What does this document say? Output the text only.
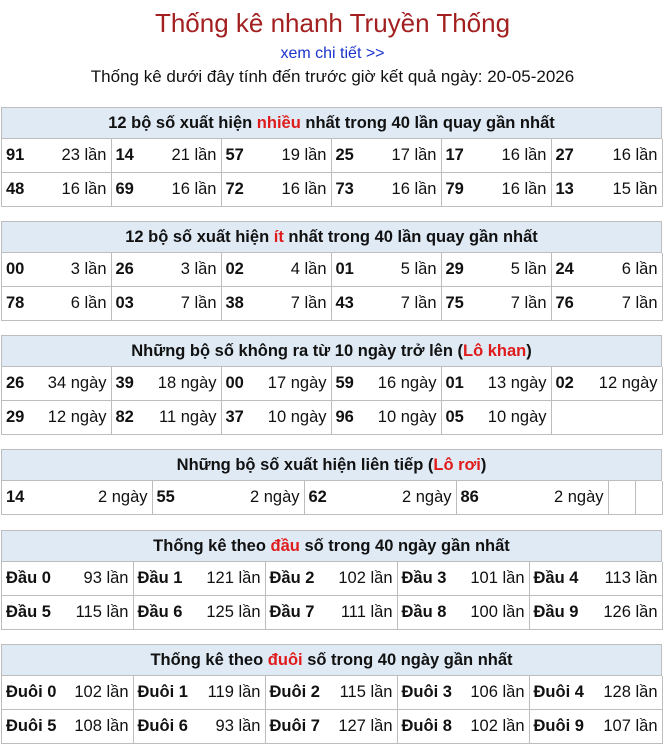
Thống kê nhanh Truyền Thống
xem chi tiết >>
Thống kê dưới đây tính đến trước giờ kết quả ngày: 20-05-2026
12 bộ số xuất hiện nhiều nhất trong 40 lần quay gần nhất
91 23 lần	14 21 lần	57 19 lần	25 17 lần	17 16 lần	27 16 lần

48 16 lần	69 16 lần	72 16 lần	73 16 lần	79 16 lần	13 15 lần
12 bộ số xuất hiện ít nhất trong 40 lần quay gần nhất
00 3 lần	26 3 lần	02 4 lần	01 5 lần	29 5 lần	24 6 lần

78 6 lần	03 7 lần	38 7 lần	43 7 lần	75 7 lần	76 7 lần
Những bộ số không ra từ 10 ngày trở lên (Lô khan)
26 34 ngày	39 18 ngày	00 17 ngày	59 16 ngày	01 13 ngày	02 12 ngày

29 12 ngày	82 11 ngày	37 10 ngày	96 10 ngày	05 10 ngày	

Những bộ số xuất hiện liên tiếp (Lô rơi)
14	2 ngày	55	2 ngày	62	2 ngày	86	2 ngày

Thống kê theo đầu số trong 40 ngày gần nhất
Đầu 0 93 lần	Đầu 1 121 lần	Đầu 2 102 lần	Đầu 3 101 lần	Đầu 4 113 lần

Đầu 5 115 lần	Đầu 6 125 lần	Đầu 7 111 lần	Đầu 8 100 lần	Đầu 9 126 lần
Thống kê theo đuôi số trong 40 ngày gần nhất
Đuôi 0 102 lần	Đuôi 1 119 lần	Đuôi 2 115 lần	Đuôi 3 106 lần	Đuôi 4 128 lần

Đuôi 5 108 lần	Đuôi 6 93 lần	Đuôi 7 127 lần	Đuôi 8 102 lần	Đuôi 9 107 lần
